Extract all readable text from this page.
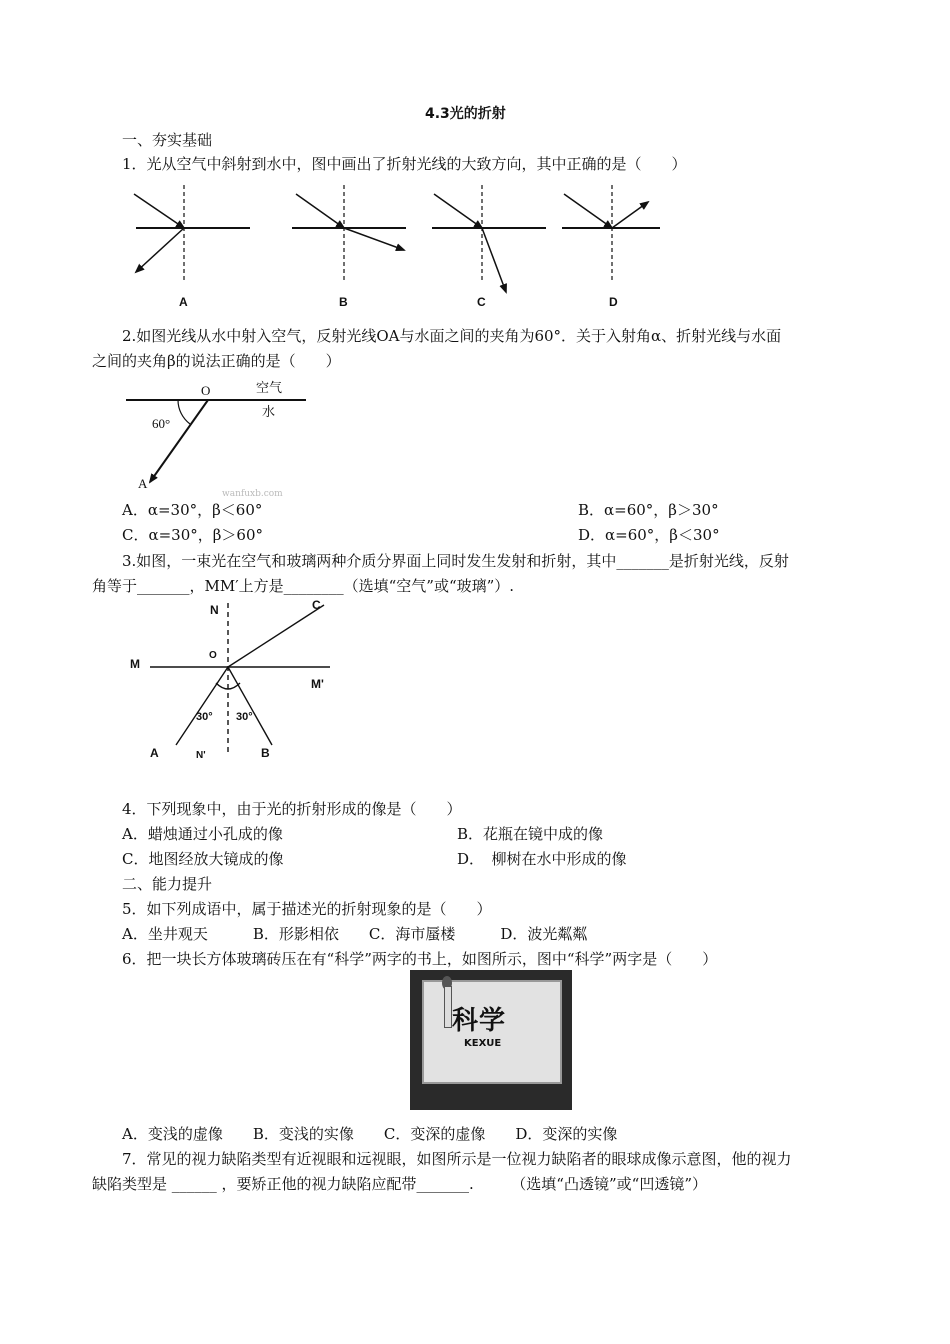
4.3光的折射
一、夯实基础
1．光从空气中斜射到水中，图中画出了折射光线的大致方向，其中正确的是（　　）
A	B	C	D
2.如图光线从水中射入空气，反射光线OA与水面之间的夹角为60°．关于入射角α、折射光线与水面
之间的夹角β的说法正确的是（　　）
O	空气
水
60°
A
wanfuxb.com
A．α=30°，β＜60°	B．α=60°，β＞30°
C．α=30°，β＞60°	D．α=60°，β＜30°
3.如图，一束光在空气和玻璃两种介质分界面上同时发生发射和折射，其中_______是折射光线，反射
角等于_______，MM′上方是________（选填“空气”或“玻璃”）.
N	C
M
O
M'
30° 30°
A	N'	B
4．下列现象中，由于光的折射形成的像是（　　）
A．蜡烛通过小孔成的像	B．花瓶在镜中成的像
C．地图经放大镜成的像	D．　柳树在水中形成的像
二、能力提升
5．如下列成语中，属于描述光的折射现象的是（　　）
A．坐井观天　　　B．形影相依　　C．海市蜃楼　　　D．波光粼粼
6．把一块长方体玻璃砖压在有“科学”两字的书上，如图所示，图中“科学”两字是（　　）
科学
KEXUE
A．变浅的虚像　　B．变浅的实像　　C．变深的虚像　　D．变深的实像
7．常见的视力缺陷类型有近视眼和远视眼，如图所示是一位视力缺陷者的眼球成像示意图，他的视力
缺陷类型是 ______ ，要矫正他的视力缺陷应配带_______.　　　（选填“凸透镜”或“凹透镜”）
